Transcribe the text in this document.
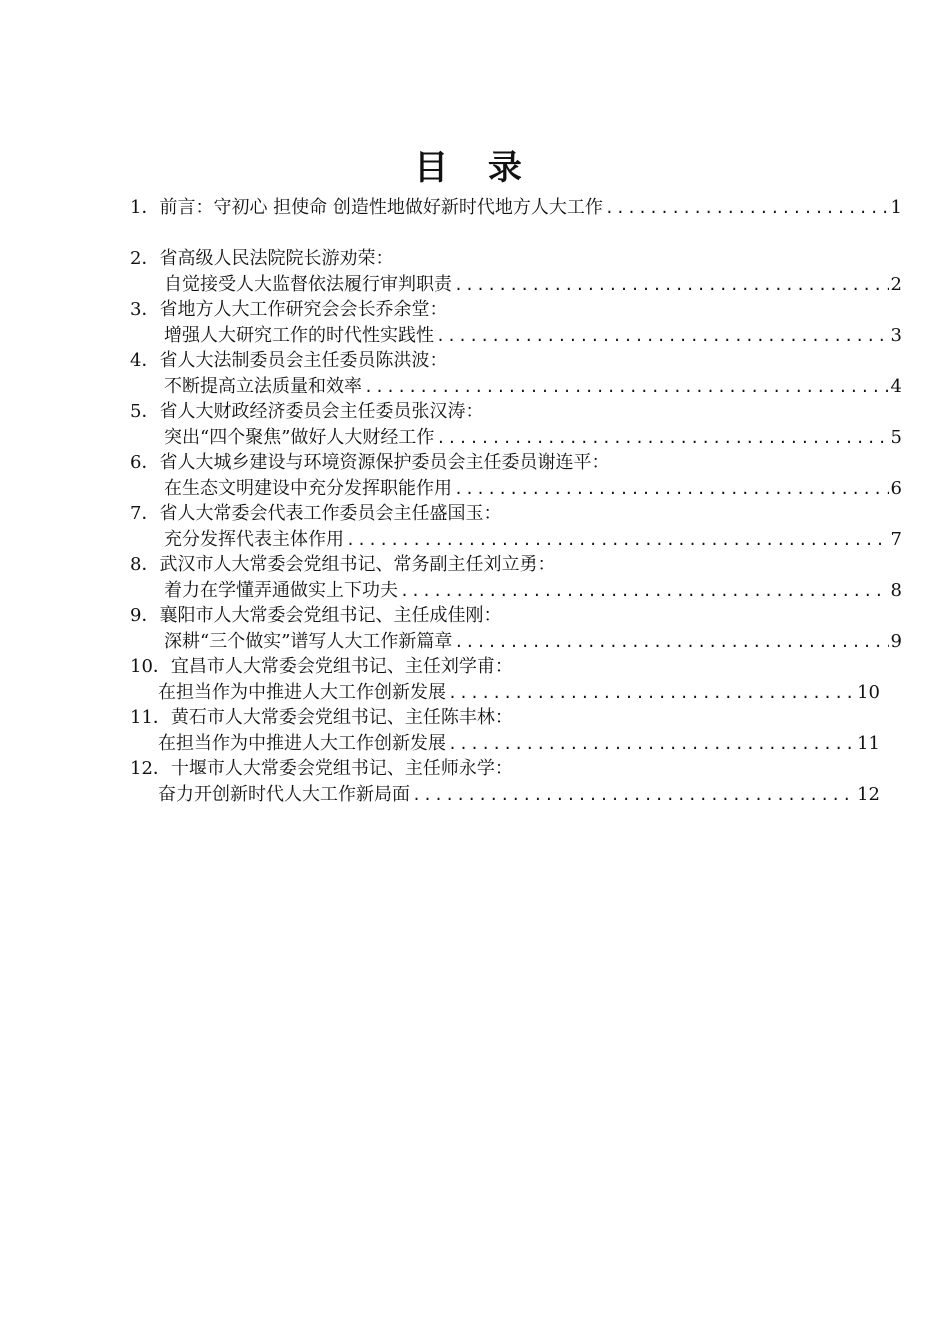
目 录
1．前言：守初心 担使命 创造性地做好新时代地方人大工作 .....	1
2．省高级人民法院院长游劝荣：
自觉接受人大监督依法履行审判职责 .....	2
3．省地方人大工作研究会会长乔余堂：
增强人大研究工作的时代性实践性 .....	3
4．省人大法制委员会主任委员陈洪波：
不断提高立法质量和效率 .....	4
5．省人大财政经济委员会主任委员张汉涛：
突出“四个聚焦”做好人大财经工作 .....	5
6．省人大城乡建设与环境资源保护委员会主任委员谢连平：
在生态文明建设中充分发挥职能作用 .....	6
7．省人大常委会代表工作委员会主任盛国玉：
充分发挥代表主体作用 .....	7
8．武汉市人大常委会党组书记、常务副主任刘立勇：
着力在学懂弄通做实上下功夫 .....	8
9．襄阳市人大常委会党组书记、主任成佳刚：
深耕“三个做实”谱写人大工作新篇章 .....	9
10．宜昌市人大常委会党组书记、主任刘学甫：
在担当作为中推进人大工作创新发展 .....	10
11．黄石市人大常委会党组书记、主任陈丰林：
在担当作为中推进人大工作创新发展 .....	11
12．十堰市人大常委会党组书记、主任师永学：
奋力开创新时代人大工作新局面 .....	12
